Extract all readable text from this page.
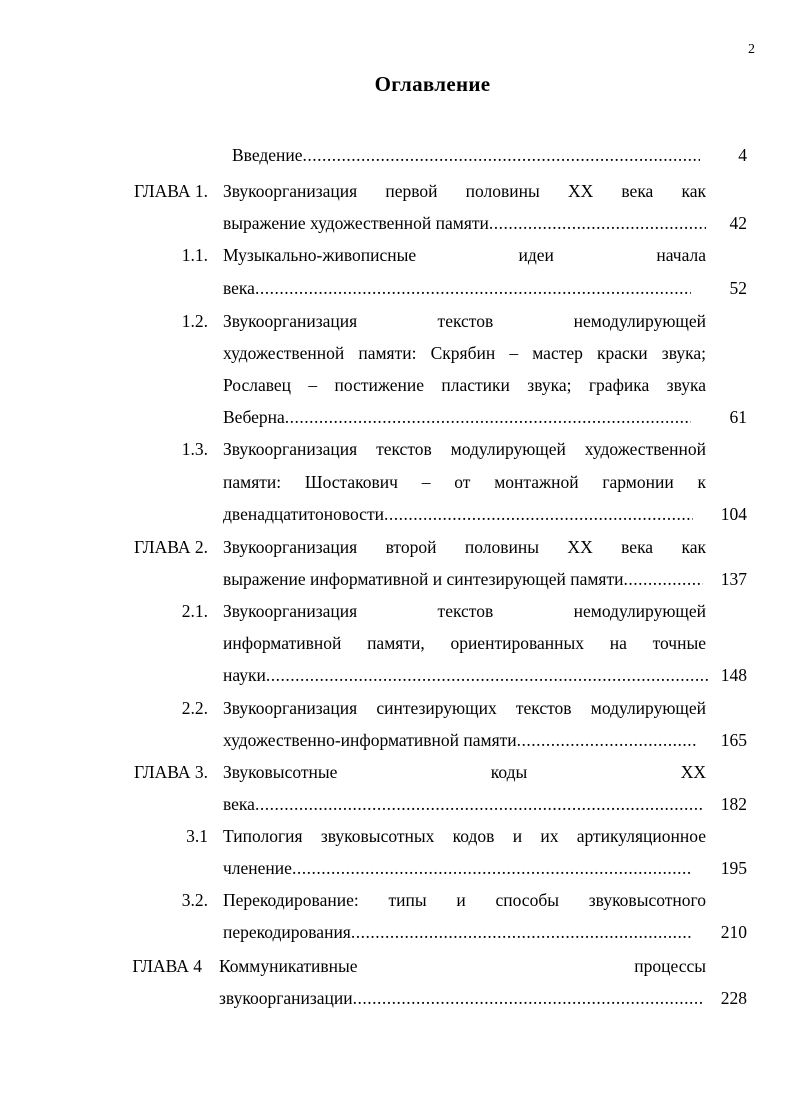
2
Оглавление
Введение .....	4
ГЛАВА 1. Звукоорганизация первой половины XX века как
выражение художественной памяти .....	42
1.1. Музыкально-живописные идеи начала
века .....	52
1.2. Звукоорганизация текстов немодулирующей
художественной памяти: Скрябин – мастер краски звука;
Рославец – постижение пластики звука; графика звука
Веберна .....	61
1.3. Звукоорганизация текстов модулирующей художественной
памяти: Шостакович – от монтажной гармонии к
двенадцатитоновости .....	104
ГЛАВА 2. Звукоорганизация второй половины XX века как
выражение информативной и синтезирующей памяти .....	137
2.1. Звукоорганизация текстов немодулирующей
информативной памяти, ориентированных на точные
науки .....	148
2.2. Звукоорганизация синтезирующих текстов модулирующей
художественно-информативной памяти .....	165
ГЛАВА 3. Звуковысотные коды XX
века .....	182
3.1 Типология звуковысотных кодов и их артикуляционное
членение .....	195
3.2. Перекодирование: типы и способы звуковысотного
перекодирования .....	210
ГЛАВА 4 Коммуникативные процессы
звукоорганизации .....	228
